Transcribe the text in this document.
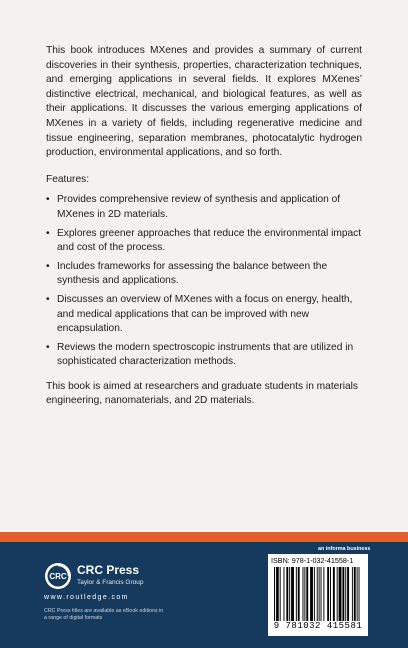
This book introduces MXenes and provides a summary of current discoveries in their synthesis, properties, characterization techniques, and emerging applications in several fields. It explores MXenes’ distinctive electrical, mechanical, and biological features, as well as their applications. It discusses the various emerging applications of MXenes in a variety of fields, including regenerative medicine and tissue engineering, separation membranes, photocatalytic hydrogen production, environmental applications, and so forth.

Features:
• Provides comprehensive review of synthesis and application of MXenes in 2D materials.
• Explores greener approaches that reduce the environmental impact and cost of the process.
• Includes frameworks for assessing the balance between the synthesis and applications.
• Discusses an overview of MXenes with a focus on energy, health, and medical applications that can be improved with new encapsulation.
• Reviews the modern spectroscopic instruments that are utilized in sophisticated characterization methods.

This book is aimed at researchers and graduate students in materials engineering, nanomaterials, and 2D materials.

CRC CRC Press
Taylor & Francis Group
www.routledge.com
CRC Press titles are available as eBook editions in a range of digital formats
an informa business
ISBN: 978-1-032-41558-1
9 781032 415581
